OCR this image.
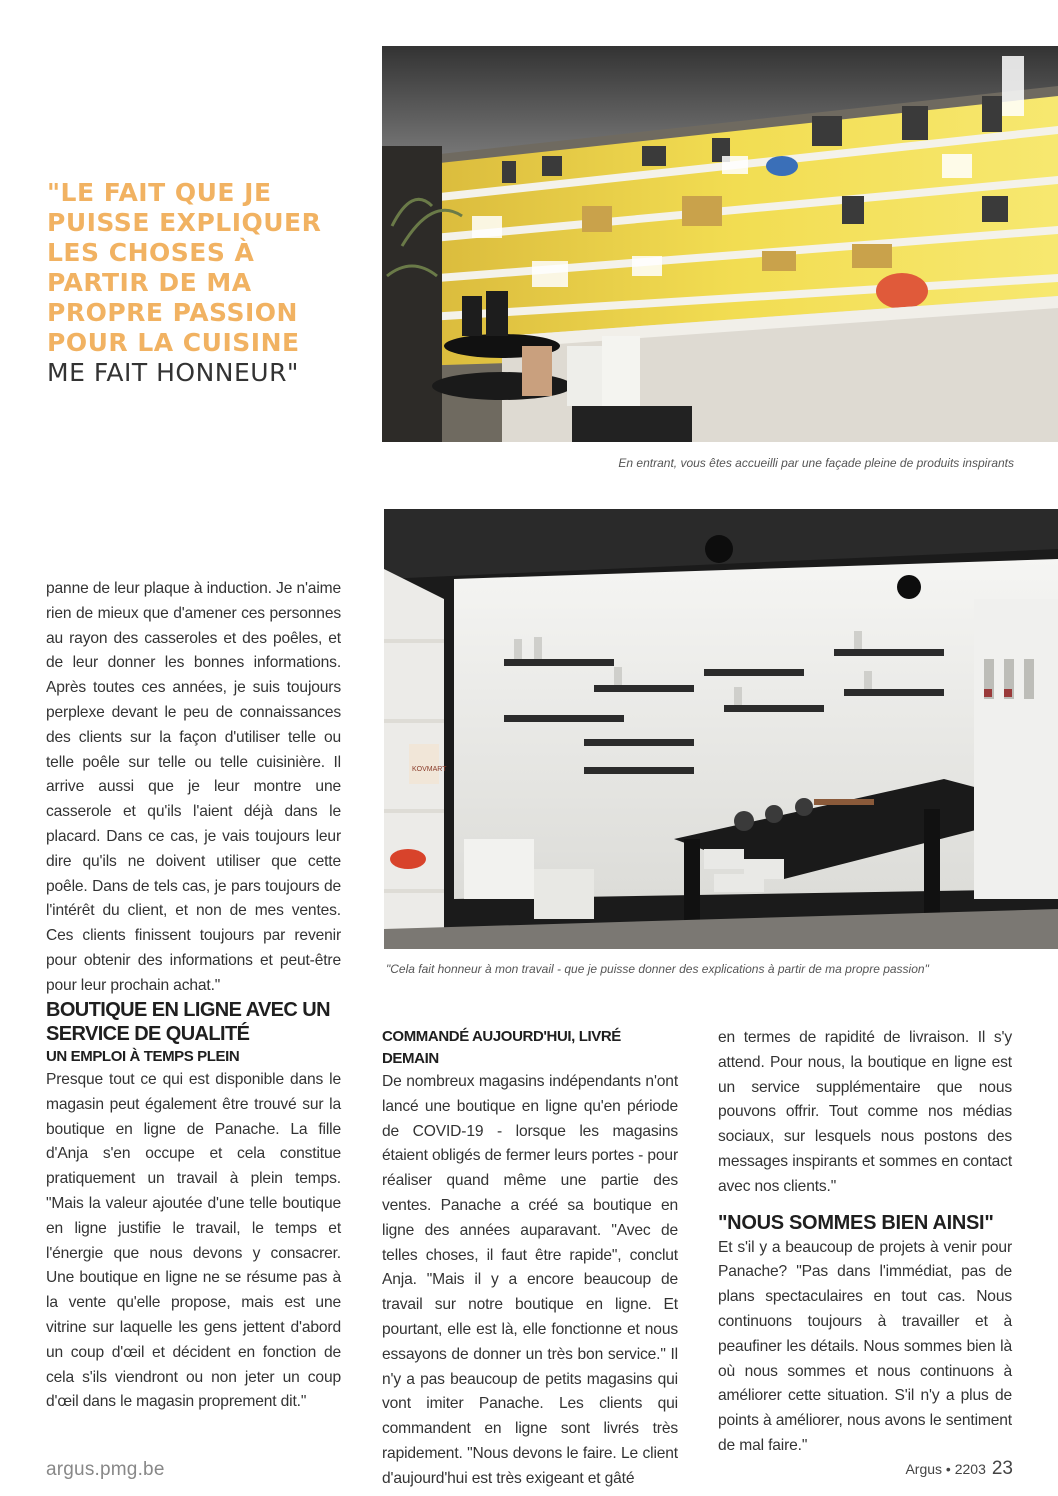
"LE FAIT QUE JE PUISSE EXPLIQUER LES CHOSES À PARTIR DE MA PROPRE PASSION POUR LA CUISINE
ME FAIT HONNEUR"
En entrant, vous êtes accueilli par une façade pleine de produits inspirants
KOVMART
"Cela fait honneur à mon travail - que je puisse donner des explications à partir de ma propre passion"

panne de leur plaque à induction. Je n'aime rien de mieux que d'amener ces personnes au rayon des casseroles et des poêles, et de leur donner les bonnes informations. Après toutes ces années, je suis toujours perplexe devant le peu de connaissances des clients sur la façon d'utiliser telle ou telle poêle sur telle ou telle cuisinière. Il arrive aussi que je leur montre une casserole et qu'ils l'aient déjà dans le placard. Dans ce cas, je vais toujours leur dire qu'ils ne doivent utiliser que cette poêle. Dans de tels cas, je pars toujours de l'intérêt du client, et non de mes ventes. Ces clients finissent toujours par revenir pour obtenir des informations et peut-être pour leur prochain achat."

BOUTIQUE EN LIGNE AVEC UN SERVICE DE QUALITÉ
UN EMPLOI À TEMPS PLEIN

Presque tout ce qui est disponible dans le magasin peut également être trouvé sur la boutique en ligne de Panache. La fille d'Anja s'en occupe et cela constitue pratiquement un travail à plein temps. "Mais la valeur ajoutée d'une telle boutique en ligne justifie le travail, le temps et l'énergie que nous devons y consacrer. Une boutique en ligne ne se résume pas à la vente qu'elle propose, mais est une vitrine sur laquelle les gens jettent d'abord un coup d'œil et décident en fonction de cela s'ils viendront ou non jeter un coup d'œil dans le magasin proprement dit."

COMMANDÉ AUJOURD'HUI, LIVRÉ DEMAIN

De nombreux magasins indépendants n'ont lancé une boutique en ligne qu'en période de COVID-19 - lorsque les magasins étaient obligés de fermer leurs portes - pour réaliser quand même une partie des ventes. Panache a créé sa boutique en ligne des années auparavant. "Avec de telles choses, il faut être rapide", conclut Anja. "Mais il y a encore beaucoup de travail sur notre boutique en ligne. Et pourtant, elle est là, elle fonctionne et nous essayons de donner un très bon service." Il n'y a pas beaucoup de petits magasins qui vont imiter Panache. Les clients qui commandent en ligne sont livrés très rapidement. "Nous devons le faire. Le client d'aujourd'hui est très exigeant et gâté

en termes de rapidité de livraison. Il s'y attend. Pour nous, la boutique en ligne est un service supplémentaire que nous pouvons offrir. Tout comme nos médias sociaux, sur lesquels nous postons des messages inspirants et sommes en contact avec nos clients."

"NOUS SOMMES BIEN AINSI"

Et s'il y a beaucoup de projets à venir pour Panache? "Pas dans l'immédiat, pas de plans spectaculaires en tout cas. Nous continuons toujours à travailler et à peaufiner les détails. Nous sommes bien là où nous sommes et nous continuons à améliorer cette situation. S'il n'y a plus de points à améliorer, nous avons le sentiment de mal faire."

argus.pmg.be	Argus • 2203 23
